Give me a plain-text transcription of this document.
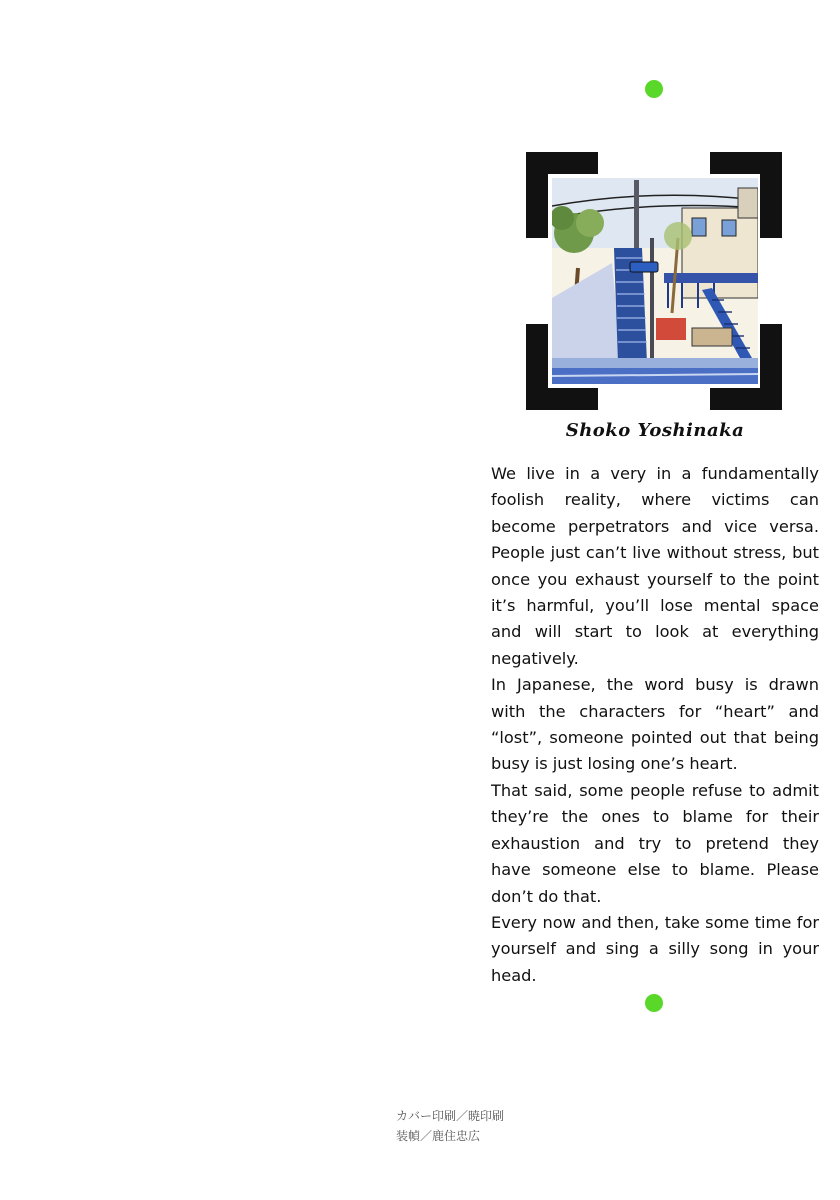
Shoko Yoshinaka

We live in a very in a fundamentally foolish reality, where victims can become perpetrators and vice versa. People just can’t live without stress, but once you exhaust yourself to the point it’s harmful, you’ll lose mental space and will start to look at everything negatively.

In Japanese, the word busy is drawn with the characters for “heart” and “lost”, someone pointed out that being busy is just losing one’s heart.

That said, some people refuse to admit they’re the ones to blame for their exhaustion and try to pretend they have someone else to blame. Please don’t do that.

Every now and then, take some time for yourself and sing a silly song in your head.

カバー印刷／暁印刷
装幀／鹿住忠広
